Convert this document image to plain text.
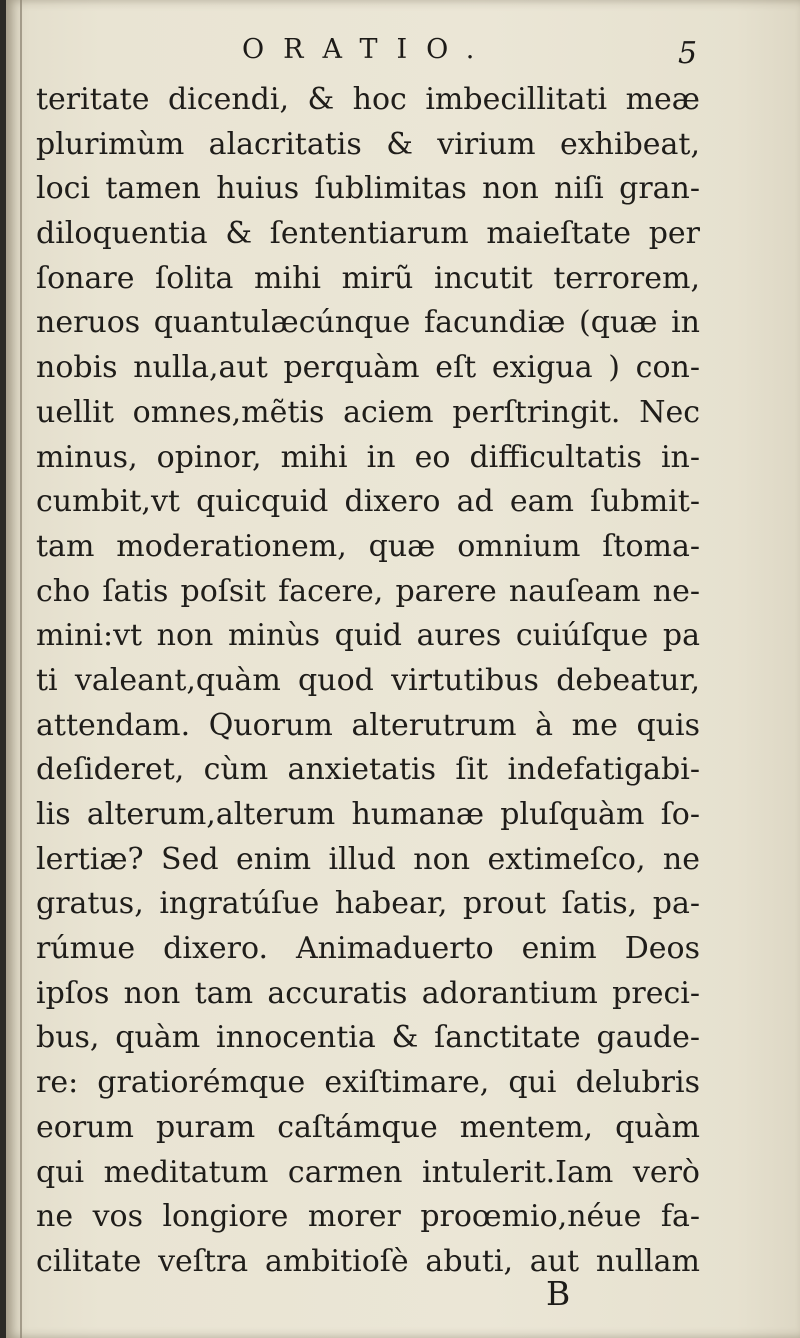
ORATIO.	5
teritate dicendi, & hoc imbecillitati meæ
plurimùm alacritatis & virium exhibeat,
loci tamen huius ſublimitas non niſi gran-
diloquentia & ſententiarum maieſtate per
ſonare ſolita mihi mirũ incutit terrorem,
neruos quantulæcúnque facundiæ (quæ in
nobis nulla,aut perquàm eſt exigua ) con-
uellit omnes,mẽtis aciem perſtringit. Nec
minus, opinor, mihi in eo difficultatis in-
cumbit,vt quicquid dixero ad eam ſubmit-
tam moderationem, quæ omnium ſtoma-
cho ſatis poſsit facere, parere nauſeam ne-
mini:vt non minùs quid aures cuiúſque pa
ti valeant,quàm quod virtutibus debeatur,
attendam. Quorum alterutrum à me quis
deſideret, cùm anxietatis ſit indefatigabi-
lis alterum,alterum humanæ pluſquàm ſo-
lertiæ? Sed enim illud non extimeſco, ne
gratus, ingratúſue habear, prout ſatis, pa-
rúmue dixero. Animaduerto enim Deos
ipſos non tam accuratis adorantium preci-
bus, quàm innocentia & ſanctitate gaude-
re: gratiorémque exiſtimare, qui delubris
eorum puram caſtámque mentem, quàm
qui meditatum carmen intulerit.Iam verò
ne vos longiore morer proœmio,néue fa-
cilitate veſtra ambitioſè abuti, aut nullam
B
